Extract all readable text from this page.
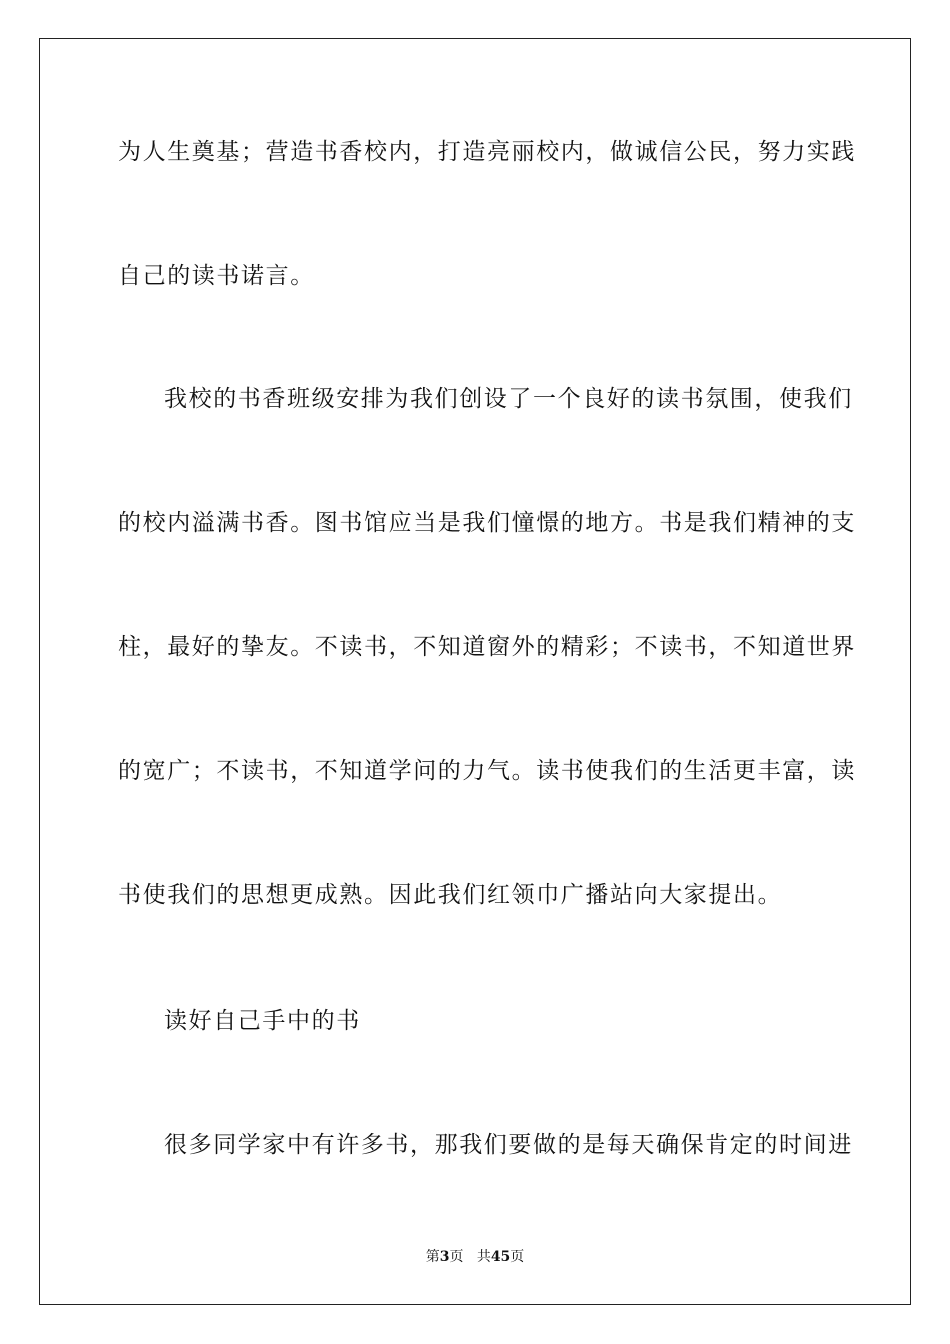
为人生奠基；营造书香校内，打造亮丽校内，做诚信公民，努力实践
自己的读书诺言。
我校的书香班级安排为我们创设了一个良好的读书氛围，使我们
的校内溢满书香。图书馆应当是我们憧憬的地方。书是我们精神的支
柱，最好的挚友。不读书，不知道窗外的精彩；不读书，不知道世界
的宽广；不读书，不知道学问的力气。读书使我们的生活更丰富，读
书使我们的思想更成熟。因此我们红领巾广播站向大家提出。
读好自己手中的书
很多同学家中有许多书，那我们要做的是每天确保肯定的时间进
第3页 共45页
